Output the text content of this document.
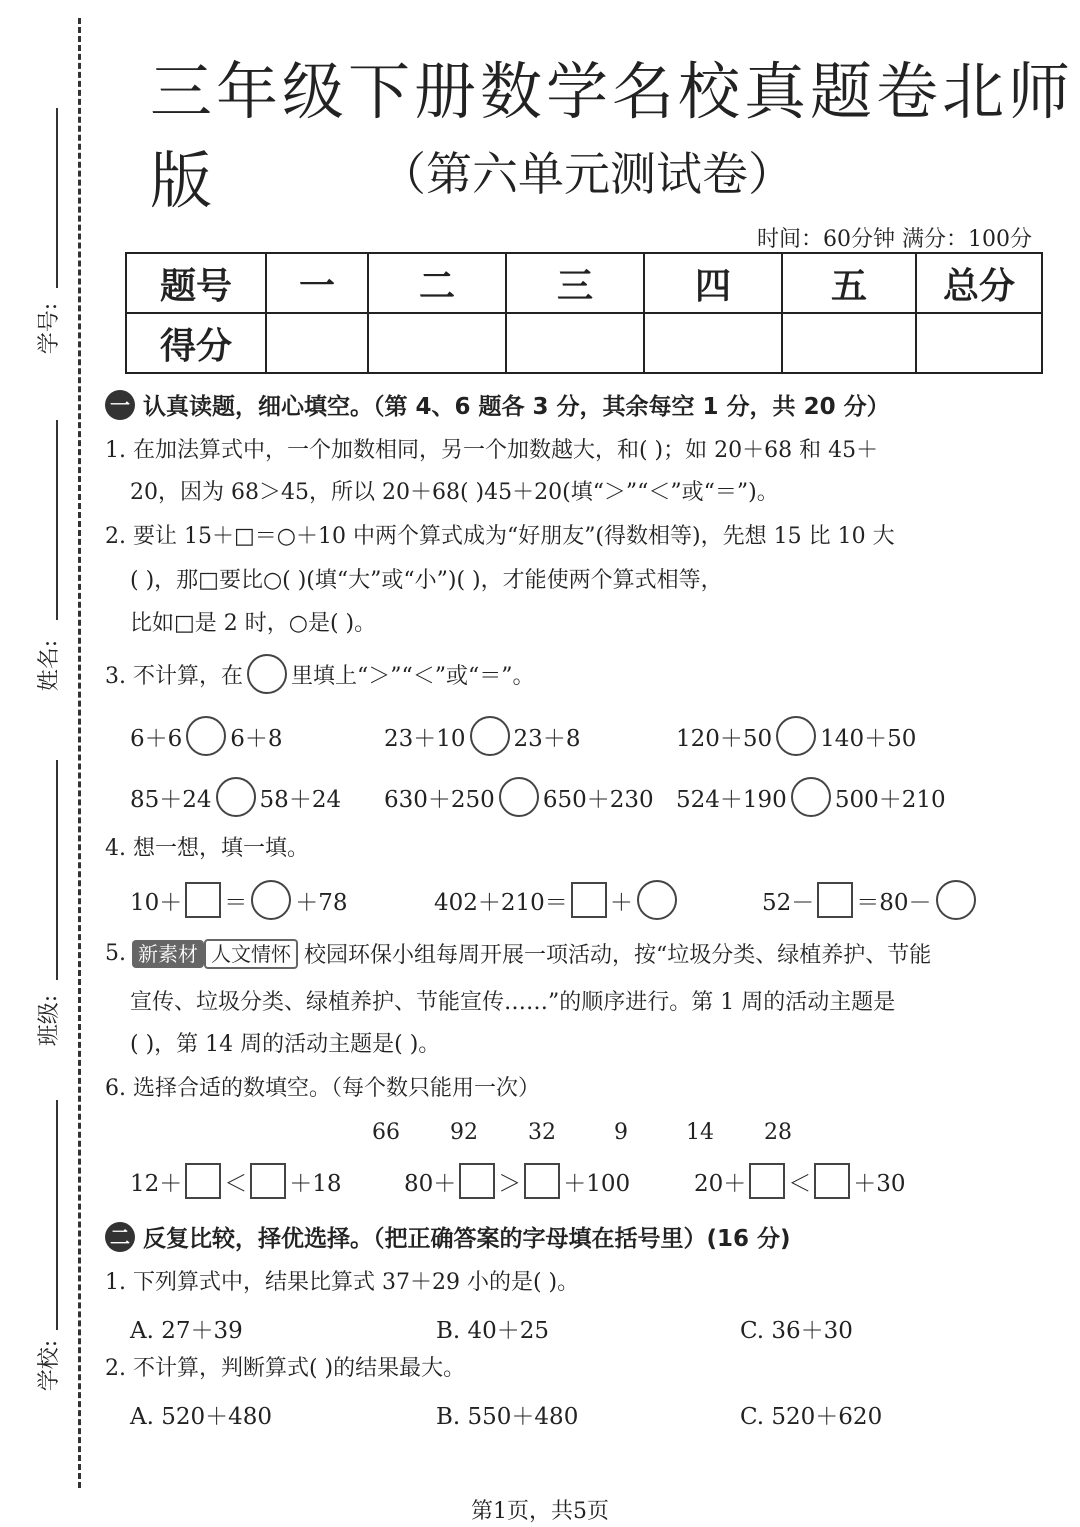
学号:
姓名:
班级:
学校:
三年级下册数学名校真题卷北师版	（第六单元测试卷）
时间：60分钟 满分：100分
题号	一	二	三	四	五	总分
得分						
一 认真读题，细心填空。（第 4、6 题各 3 分，其余每空 1 分，共 20 分）
1. 在加法算式中，一个加数相同，另一个加数越大，和( )；如 20＋68 和 45＋
20，因为 68＞45，所以 20＋68( )45＋20(填“＞”“＜”或“＝”)。
2. 要让 15＋□＝○＋10 中两个算式成为“好朋友”(得数相等)，先想 15 比 10 大
( )，那□要比○( )(填“大”或“小”)( )，才能使两个算式相等，
比如□是 2 时，○是( )。
3. 不计算，在 里填上“＞”“＜”或“＝”。
6＋6 6＋8	23＋10 23＋8	120＋50 140＋50
85＋24 58＋24 630＋250 650＋230 524＋190 500＋210
4. 想一想，填一填。
10＋ ＝ ＋78	402＋210＝ ＋	52－ ＝80－
5. 新素材 人文情怀 校园环保小组每周开展一项活动，按“垃圾分类、绿植养护、节能
宣传、垃圾分类、绿植养护、节能宣传……”的顺序进行。第 1 周的活动主题是
( )，第 14 周的活动主题是( )。
6. 选择合适的数填空。（每个数只能用一次）
66 92 32	9	14 28
12＋ ＜ ＋18	80＋ ＞ ＋100	20＋ ＜ ＋30
二 反复比较，择优选择。（把正确答案的字母填在括号里）(16 分)
1. 下列算式中，结果比算式 37＋29 小的是( )。
A. 27＋39	B. 40＋25	C. 36＋30
2. 不计算，判断算式( )的结果最大。
A. 520＋480	B. 550＋480	C. 520＋620
第1页，共5页
